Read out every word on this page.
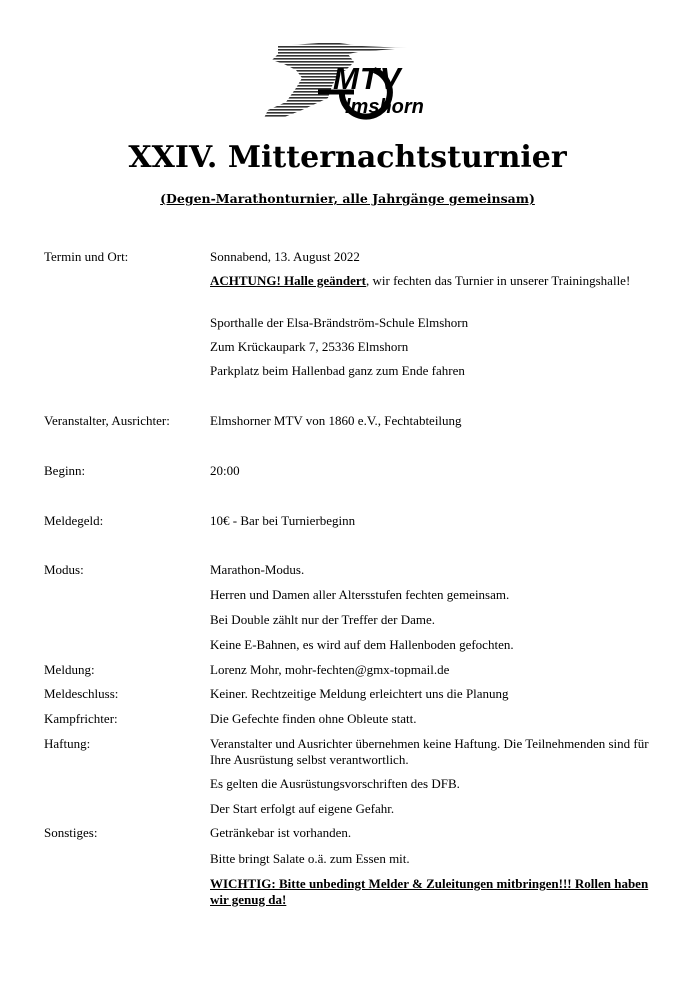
MTV
lmshorn
XXIV. Mitternachtsturnier

(Degen-Marathonturnier, alle Jahrgänge gemeinsam)

Termin und Ort:	Sonnabend, 13. August 2022
ACHTUNG! Halle geändert, wir fechten das Turnier in unserer Trainingshalle!
Sporthalle der Elsa-Brändström-Schule Elmshorn
Zum Krückaupark 7, 25336 Elmshorn
Parkplatz beim Hallenbad ganz zum Ende fahren
Veranstalter, Ausrichter:	Elmshorner MTV von 1860 e.V., Fechtabteilung
Beginn:	20:00
Meldegeld:	10€ - Bar bei Turnierbeginn
Modus:	Marathon-Modus.
Herren und Damen aller Altersstufen fechten gemeinsam.
Bei Double zählt nur der Treffer der Dame.
Keine E-Bahnen, es wird auf dem Hallenboden gefochten.
Meldung:	Lorenz Mohr, mohr-fechten@gmx-topmail.de
Meldeschluss:	Keiner. Rechtzeitige Meldung erleichtert uns die Planung
Kampfrichter:	Die Gefechte finden ohne Obleute statt.
Haftung:	Veranstalter und Ausrichter übernehmen keine Haftung. Die Teilnehmenden sind für Ihre Ausrüstung selbst verantwortlich.
Es gelten die Ausrüstungsvorschriften des DFB.
Der Start erfolgt auf eigene Gefahr.
Sonstiges:	Getränkebar ist vorhanden.
Bitte bringt Salate o.ä. zum Essen mit.
WICHTIG: Bitte unbedingt Melder & Zuleitungen mitbringen!!! Rollen haben wir genug da!
